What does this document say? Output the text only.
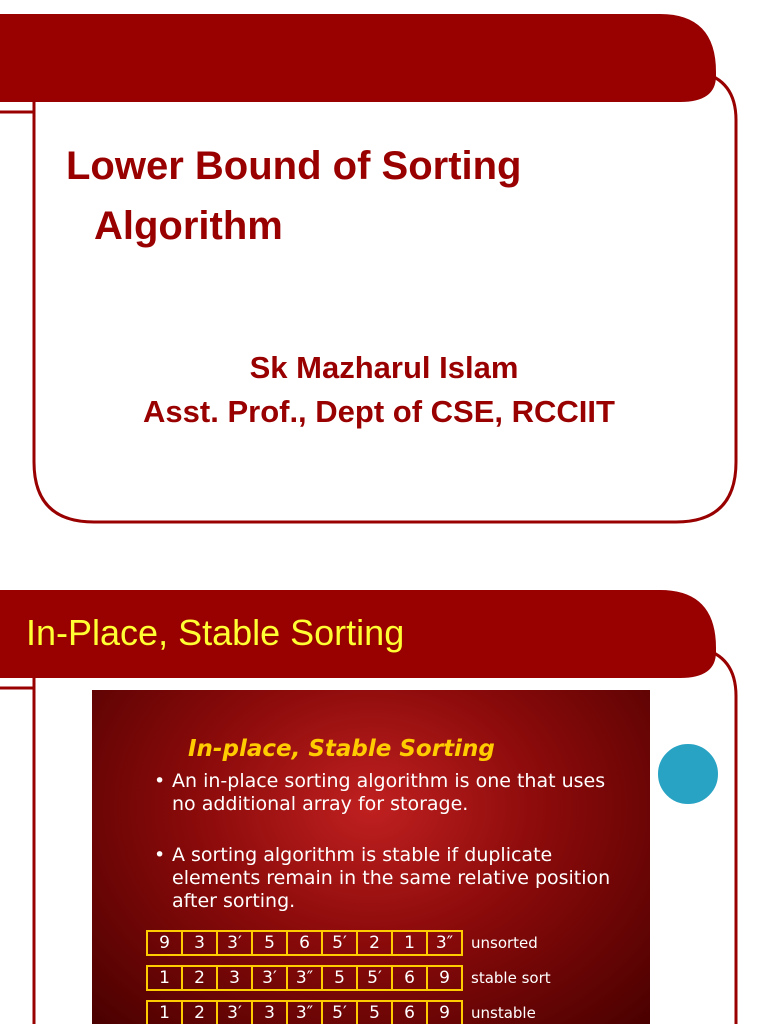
Lower Bound of Sorting
Algorithm
Sk Mazharul Islam
Asst. Prof., Dept of CSE, RCCIIT
In-Place, Stable Sorting
In-place, Stable Sorting
• An in-place sorting algorithm is one that uses no additional array for storage.
• A sorting algorithm is stable if duplicate elements remain in the same relative position after sorting.
9	3	3′	5	6	5′	2	1	3″	unsorted
1	2	3	3′	3″	5	5′	6	9	stable sort
1	2	3′	3	3″	5′	5	6	9	unstable
